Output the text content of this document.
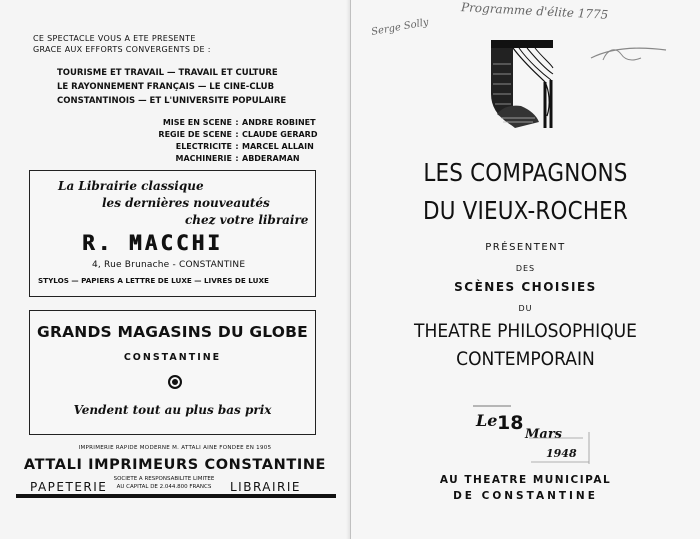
CE SPECTACLE VOUS A ETE PRESENTE
GRACE AUX EFFORTS CONVERGENTS DE :
TOURISME ET TRAVAIL — TRAVAIL ET CULTURE
LE RAYONNEMENT FRANÇAIS — LE CINE-CLUB
CONSTANTINOIS — ET L'UNIVERSITE POPULAIRE
MISE EN SCENE : ANDRE ROBINET
REGIE DE SCENE : CLAUDE GERARD
ELECTRICITE : MARCEL ALLAIN
MACHINERIE : ABDERAMAN
La Librairie classique
les dernières nouveautés
chez votre libraire
R. MACCHI
4, Rue Brunache - CONSTANTINE
STYLOS — PAPIERS A LETTRE DE LUXE — LIVRES DE LUXE
GRANDS MAGASINS DU GLOBE
CONSTANTINE
Vendent tout au plus bas prix
IMPRIMERIE RAPIDE MODERNE M. ATTALI AINE FONDEE EN 1905
ATTALI IMPRIMEURS CONSTANTINE
PAPETERIE
SOCIETE A RESPONSABILITE LIMITEE
AU CAPITAL DE 2.044.800 FRANCS	LIBRAIRIE
Programme d'élite 1775
Serge Solly
LES COMPAGNONS
DU VIEUX-ROCHER
PRÉSENTENT
DES
SCÈNES CHOISIES
DU
THEATRE PHILOSOPHIQUE
CONTEMPORAIN
Le 18
Mars
1948
AU THEATRE MUNICIPAL
DE CONSTANTINE
